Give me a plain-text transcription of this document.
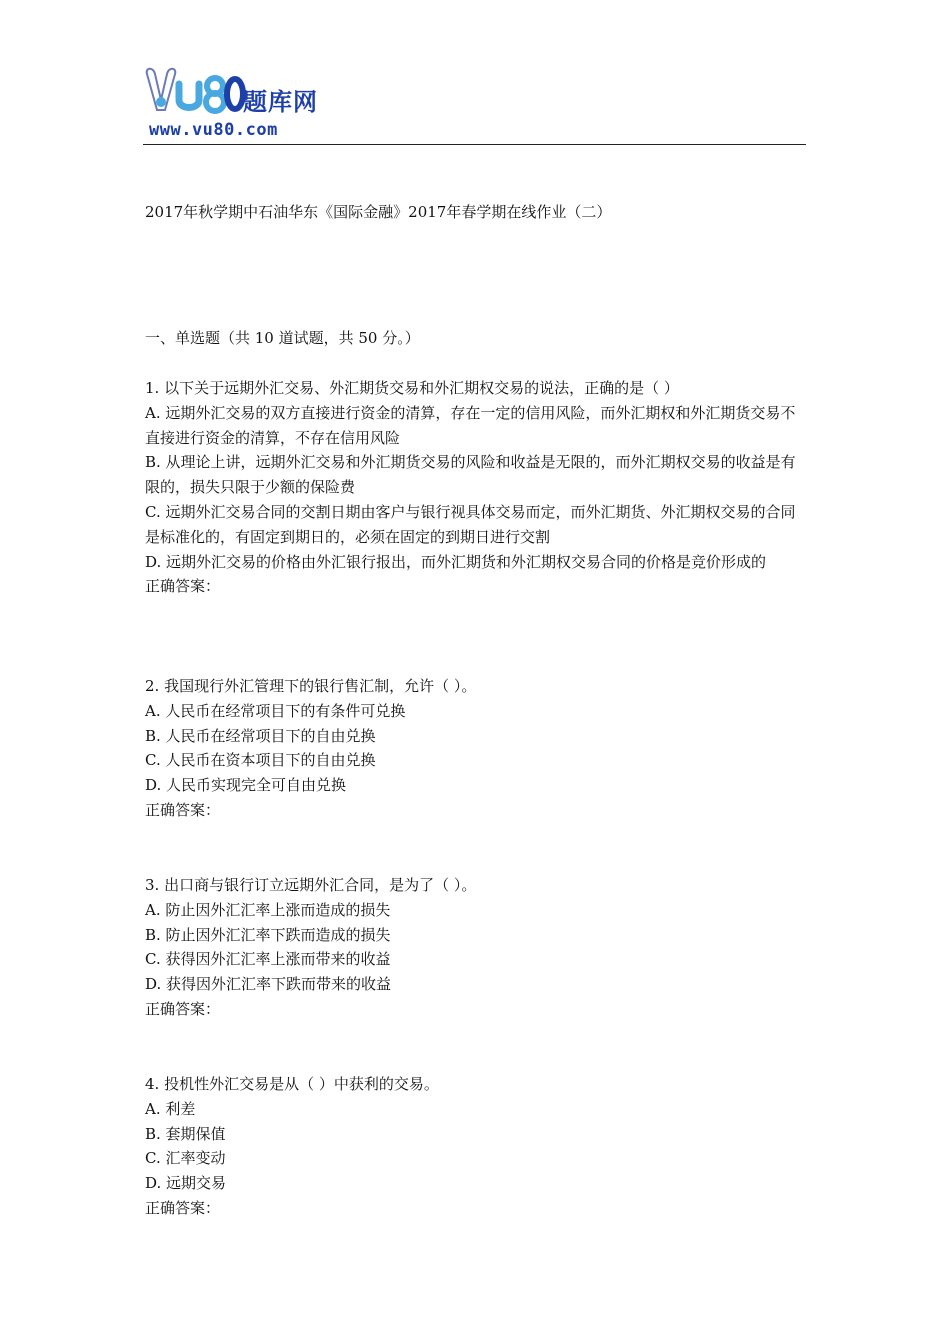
题库网
www.vu80.com
2017年秋学期中石油华东《国际金融》2017年春学期在线作业（二）
一、单选题（共 10 道试题，共 50 分。）

1. 以下关于远期外汇交易、外汇期货交易和外汇期权交易的说法，正确的是（ ）

A. 远期外汇交易的双方直接进行资金的清算，存在一定的信用风险，而外汇期权和外汇期货交易不直接进行资金的清算，不存在信用风险

B. 从理论上讲，远期外汇交易和外汇期货交易的风险和收益是无限的，而外汇期权交易的收益是有限的，损失只限于少额的保险费

C. 远期外汇交易合同的交割日期由客户与银行视具体交易而定，而外汇期货、外汇期权交易的合同是标准化的，有固定到期日的，必须在固定的到期日进行交割

D. 远期外汇交易的价格由外汇银行报出，而外汇期货和外汇期权交易合同的价格是竞价形成的

正确答案：

2. 我国现行外汇管理下的银行售汇制，允许（ ）。

A. 人民币在经常项目下的有条件可兑换

B. 人民币在经常项目下的自由兑换

C. 人民币在资本项目下的自由兑换

D. 人民币实现完全可自由兑换

正确答案：

3. 出口商与银行订立远期外汇合同，是为了（ ）。

A. 防止因外汇汇率上涨而造成的损失

B. 防止因外汇汇率下跌而造成的损失

C. 获得因外汇汇率上涨而带来的收益

D. 获得因外汇汇率下跌而带来的收益

正确答案：

4. 投机性外汇交易是从（ ）中获利的交易。

A. 利差

B. 套期保值

C. 汇率变动

D. 远期交易

正确答案：
